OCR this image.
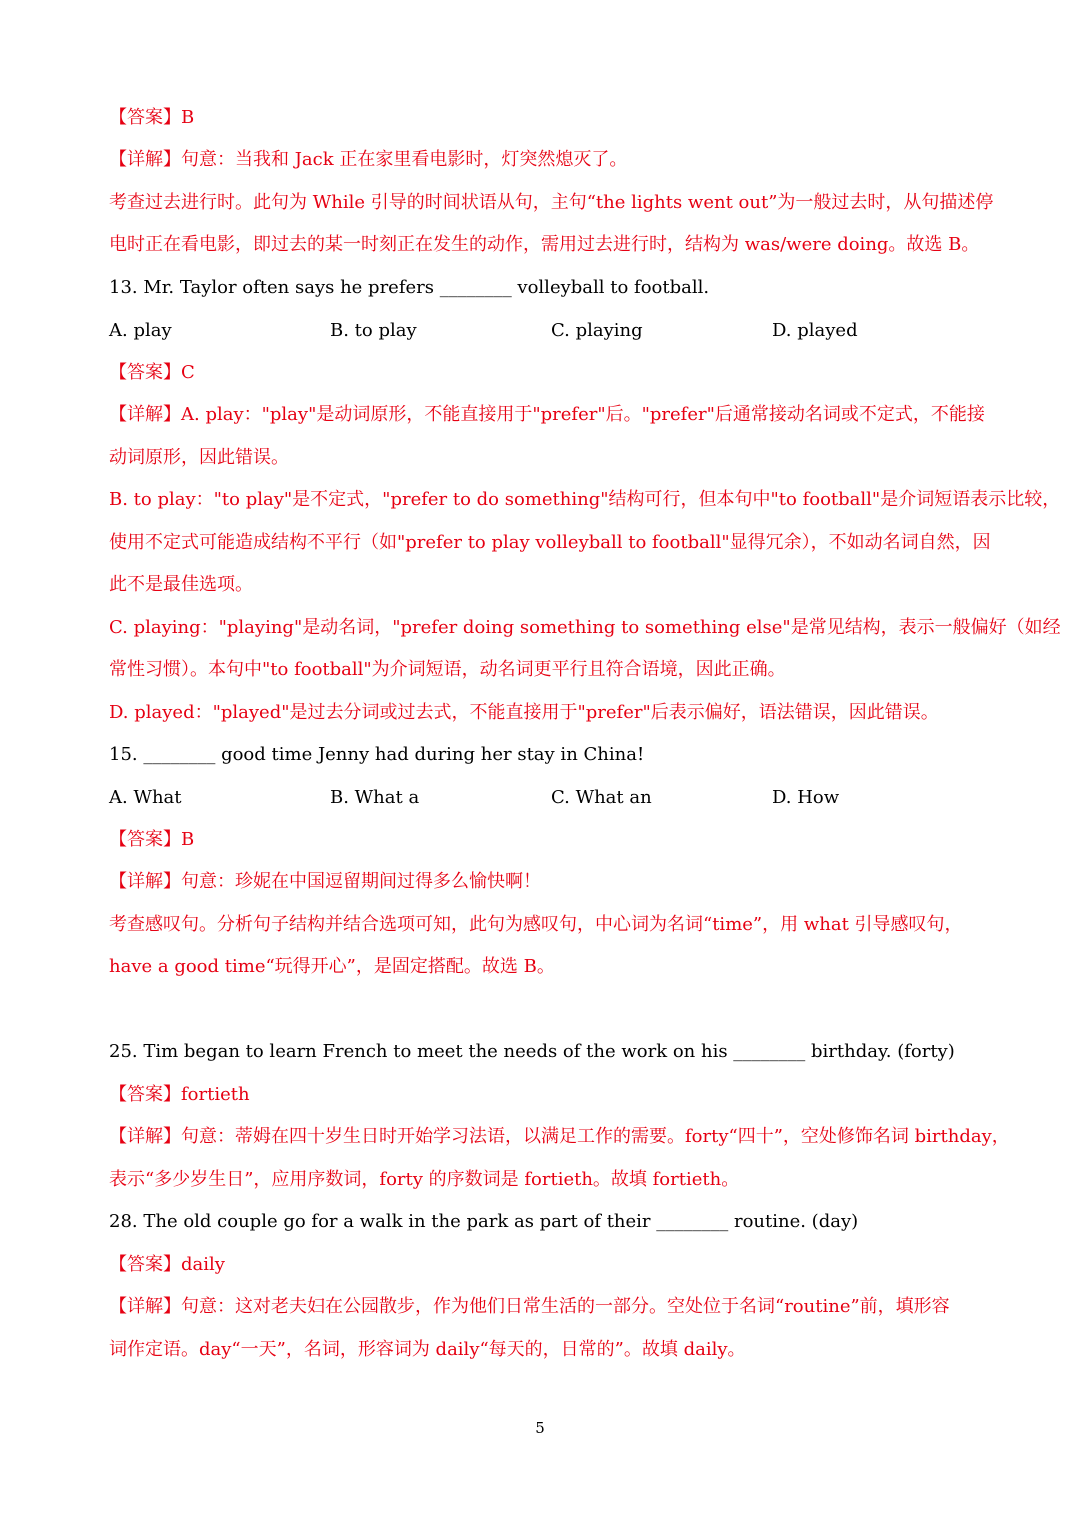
5
【答案】B
【详解】句意：当我和 Jack 正在家里看电影时，灯突然熄灭了。
考查过去进行时。此句为 While 引导的时间状语从句，主句“the lights went out”为一般过去时，从句描述停
电时正在看电影，即过去的某一时刻正在发生的动作，需用过去进行时，结构为 was/were doing。故选 B。
13. Mr. Taylor often says he prefers ________ volleyball to football.
A. play	B. to play	C. playing	D. played
【答案】C
【详解】A. play："play"是动词原形，不能直接用于"prefer"后。"prefer"后通常接动名词或不定式，不能接
动词原形，因此错误。
B. to play："to play"是不定式，"prefer to do something"结构可行，但本句中"to football"是介词短语表示比较，
使用不定式可能造成结构不平行（如"prefer to play volleyball to football"显得冗余），不如动名词自然，因
此不是最佳选项。
C. playing："playing"是动名词，"prefer doing something to something else"是常见结构，表示一般偏好（如经
常性习惯）。本句中"to football"为介词短语，动名词更平行且符合语境，因此正确。
D. played："played"是过去分词或过去式，不能直接用于"prefer"后表示偏好，语法错误，因此错误。
15. ________ good time Jenny had during her stay in China!
A. What	B. What a	C. What an	D. How
【答案】B
【详解】句意：珍妮在中国逗留期间过得多么愉快啊！
考查感叹句。分析句子结构并结合选项可知，此句为感叹句，中心词为名词“time”，用 what 引导感叹句，
have a good time“玩得开心”，是固定搭配。故选 B。
25. Tim began to learn French to meet the needs of the work on his ________ birthday. (forty)
【答案】fortieth
【详解】句意：蒂姆在四十岁生日时开始学习法语，以满足工作的需要。forty“四十”，空处修饰名词 birthday，
表示“多少岁生日”，应用序数词，forty 的序数词是 fortieth。故填 fortieth。
28. The old couple go for a walk in the park as part of their ________ routine. (day)
【答案】daily
【详解】句意：这对老夫妇在公园散步，作为他们日常生活的一部分。空处位于名词“routine”前，填形容
词作定语。day“一天”，名词，形容词为 daily“每天的，日常的”。故填 daily。
